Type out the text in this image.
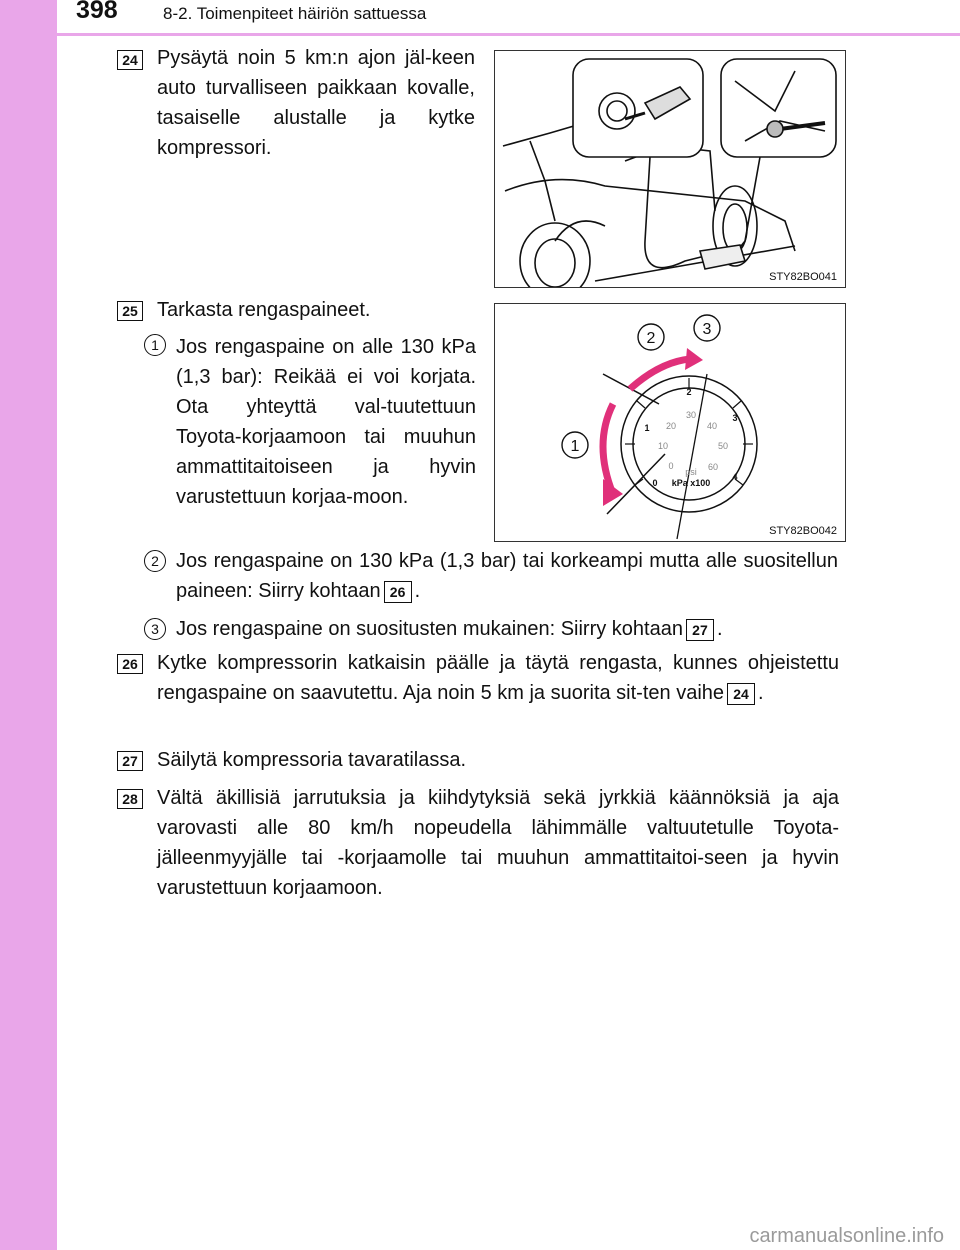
398	8-2. Toimenpiteet häiriön sattuessa
24 Pysäytä noin 5 km:n ajon jäl-keen auto turvalliseen paikkaan kovalle, tasaiselle alustalle ja kytke kompressori.
STY82BO041
25 Tarkasta rengaspaineet.
1 Jos rengaspaine on alle 130 kPa (1,3 bar): Reikää ei voi korjata. Ota yhteyttä val-tuutettuun Toyota-korjaamoon tai muuhun ammattitaitoiseen ja hyvin varustettuun korjaa-moon.
1
2
3
0
1
2
3
4
0
10
20
30
40
50
60
psi
kPa x100
STY82BO042
2 Jos rengaspaine on 130 kPa (1,3 bar) tai korkeampi mutta alle suositellun paineen: Siirry kohtaan 26 .
3 Jos rengaspaine on suositusten mukainen: Siirry kohtaan 27 .
26 Kytke kompressorin katkaisin päälle ja täytä rengasta, kunnes ohjeistettu rengaspaine on saavutettu. Aja noin 5 km ja suorita sit-ten vaihe 24 .
27 Säilytä kompressoria tavaratilassa.
28 Vältä äkillisiä jarrutuksia ja kiihdytyksiä sekä jyrkkiä käännöksiä ja aja varovasti alle 80 km/h nopeudella lähimmälle valtuutetulle Toyota-jälleenmyyjälle tai -korjaamolle tai muuhun ammattitaitoi-seen ja hyvin varustettuun korjaamoon.
carmanualsonline.info
